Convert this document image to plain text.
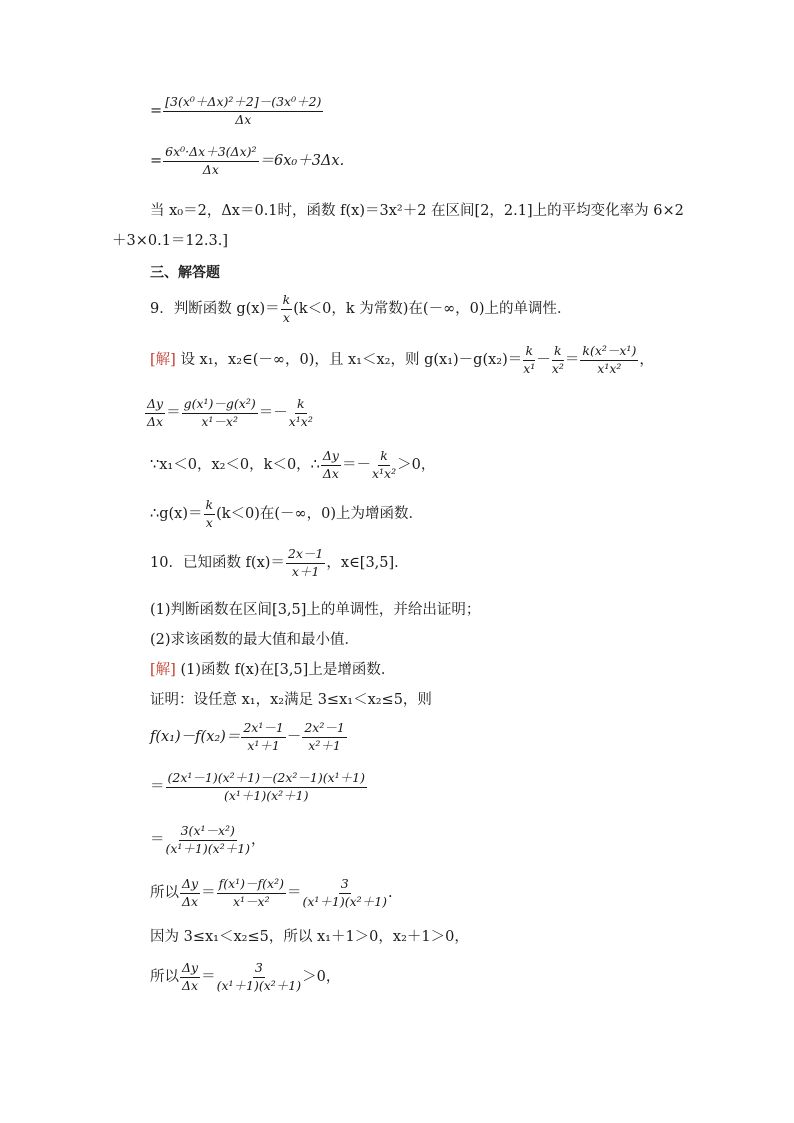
= $\frac{\text{[3(x⁰＋Δx)²＋2]－(3x⁰＋2)}}{\Delta x}$
= $\frac{\text{6x⁰·Δx＋3(Δx)²}}{\Delta x} =6x_0+3\Delta x$.
当 x₀＝2，Δx＝0.1时，函数 f(x)＝3x²＋2 在区间[2，2.1]上的平均变化率为 6×2
＋3×0.1＝12.3.]
三、解答题
9．判断函数 $g(x)= \frac{k}{x} (k<0$，k 为常数)在(－∞，0)上的单调性．
[解] 设 x₁，x₂∈(－∞，0)，且 x₁＜x₂，则 $g(x_1)-g(x_2)= \frac{k}{\text{x¹}} - \frac{k}{\text{x²}} = \frac{\text{k(x²－x¹)}}{\text{x¹x²}}$ ，
$\frac{\Delta y}{\Delta x} = \frac{\text{g(x¹)－g(x²)}}{\text{x¹－x²}} =- \frac{k}{\text{x¹x²}}$
∵x₁＜0，x₂＜0，k＜0，∴ $\frac{\Delta y}{\Delta x} =- \frac{k}{\text{x¹x²}} >0$，
∴g(x)＝ $\frac{k}{x} (k<0)$在(－∞，0)上为增函数．
10．已知函数 $f(x)= \frac{2x-1}{x+1}$ ，x∈[3,5]．
(1)判断函数在区间[3,5]上的单调性，并给出证明；
(2)求该函数的最大值和最小值．
[解] (1)函数 f(x)在[3,5]上是增函数．
证明：设任意 x₁，x₂满足 3≤x₁＜x₂≤5，则
$f(x_1)-f(x_2)= \frac{\text{2x¹－1}}{\text{x¹＋1}} - \frac{\text{2x²－1}}{\text{x²＋1}}$
＝ $\frac{\text{(2x¹－1)(x²＋1)－(2x²－1)(x¹＋1)}}{\text{(x¹＋1)(x²＋1)}}$
＝ $\frac{\text{3(x¹－x²)}}{\text{(x¹＋1)(x²＋1)}}$ ，
所以 $\frac{\Delta y}{\Delta x} = \frac{\text{f(x¹)－f(x²)}}{\text{x¹－x²}} = \frac{3}{\text{(x¹＋1)(x²＋1)}}$ .
因为 3≤x₁＜x₂≤5，所以 x₁＋1＞0，x₂＋1＞0，
所以 $\frac{\Delta y}{\Delta x} = \frac{3}{\text{(x¹＋1)(x²＋1)}} >0$，
